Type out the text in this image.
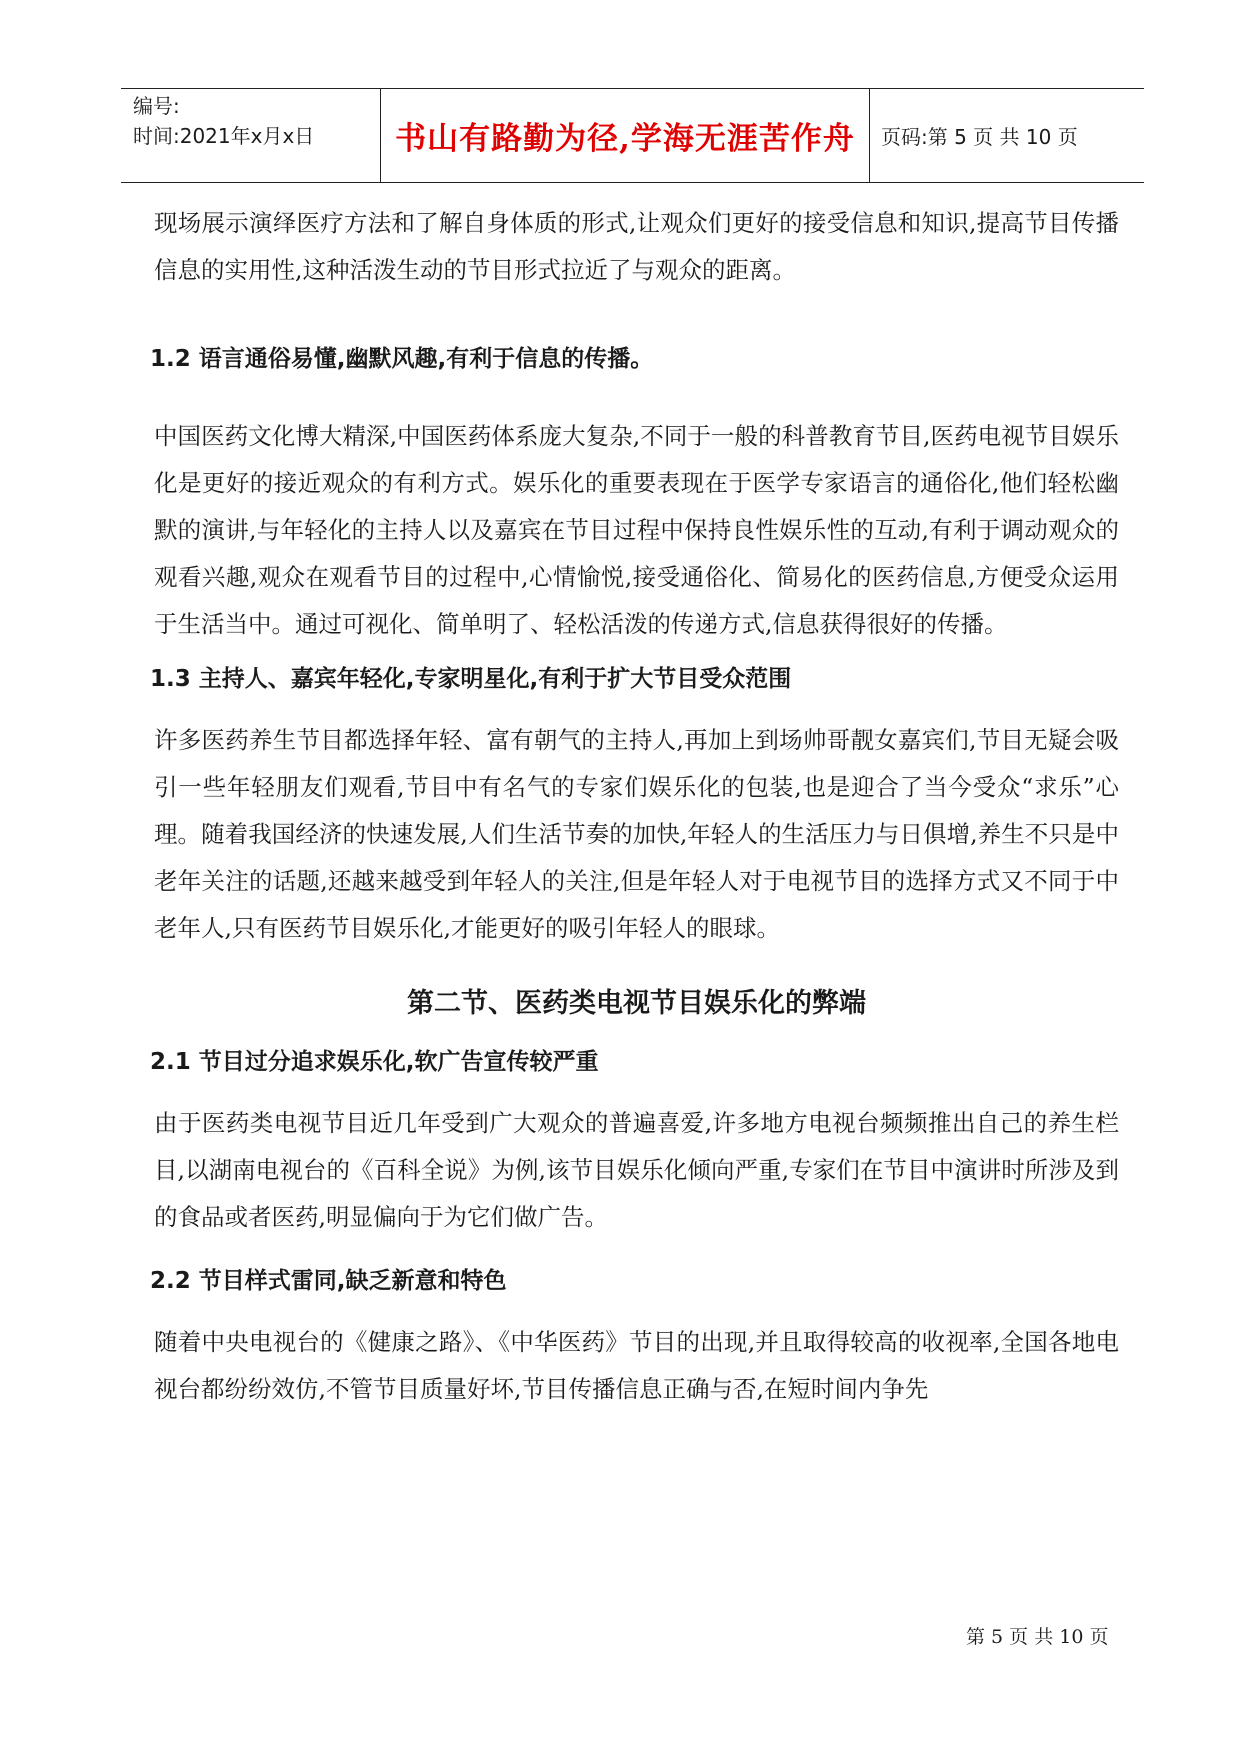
编号:
时间:2021年x月x日	书山有路勤为径,学海无涯苦作舟	页码:第 5 页 共 10 页

现场展示演绎医疗方法和了解自身体质的形式,让观众们更好的接受信息和知识,提高节目传播信息的实用性,这种活泼生动的节目形式拉近了与观众的距离。

1.2 语言通俗易懂,幽默风趣,有利于信息的传播。

中国医药文化博大精深,中国医药体系庞大复杂,不同于一般的科普教育节目,医药电视节目娱乐化是更好的接近观众的有利方式。娱乐化的重要表现在于医学专家语言的通俗化,他们轻松幽默的演讲,与年轻化的主持人以及嘉宾在节目过程中保持良性娱乐性的互动,有利于调动观众的观看兴趣,观众在观看节目的过程中,心情愉悦,接受通俗化、简易化的医药信息,方便受众运用于生活当中。通过可视化、简单明了、轻松活泼的传递方式,信息获得很好的传播。

1.3 主持人、嘉宾年轻化,专家明星化,有利于扩大节目受众范围

许多医药养生节目都选择年轻、富有朝气的主持人,再加上到场帅哥靓女嘉宾们,节目无疑会吸引一些年轻朋友们观看,节目中有名气的专家们娱乐化的包装,也是迎合了当今受众“求乐”心理。随着我国经济的快速发展,人们生活节奏的加快,年轻人的生活压力与日俱增,养生不只是中老年关注的话题,还越来越受到年轻人的关注,但是年轻人对于电视节目的选择方式又不同于中老年人,只有医药节目娱乐化,才能更好的吸引年轻人的眼球。

第二节、医药类电视节目娱乐化的弊端
2.1 节目过分追求娱乐化,软广告宣传较严重

由于医药类电视节目近几年受到广大观众的普遍喜爱,许多地方电视台频频推出自己的养生栏目,以湖南电视台的《百科全说》为例,该节目娱乐化倾向严重,专家们在节目中演讲时所涉及到的食品或者医药,明显偏向于为它们做广告。

2.2 节目样式雷同,缺乏新意和特色

随着中央电视台的《健康之路》、《中华医药》节目的出现,并且取得较高的收视率,全国各地电视台都纷纷效仿,不管节目质量好坏,节目传播信息正确与否,在短时间内争先

第 5 页 共 10 页
